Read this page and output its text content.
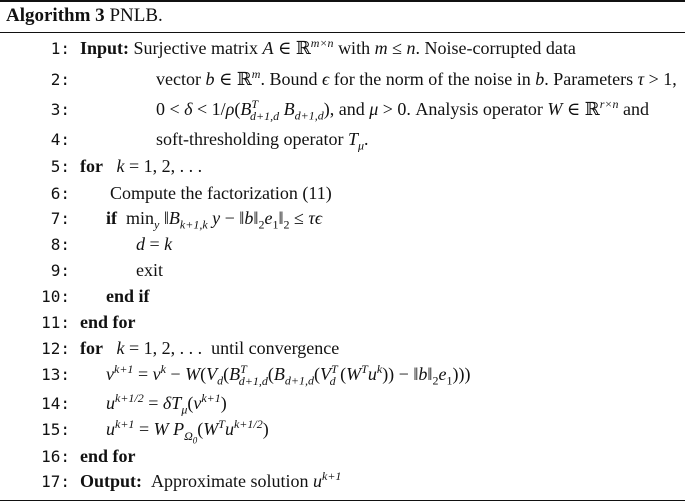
Algorithm 3 PNLB.
1: Input: Surjective matrix A ∈ ℝ$^{m\times n}$ with m ≤ n. Noise-corrupted data
2:	vector b ∈ ℝ$^m$. Bound ϵ for the norm of the noise in b. Parameters τ > 1,
3:	$0 < \delta < 1/\rho(B^T_{d+1,d}$ $B_{d+1,d}$), and μ > 0. Analysis operator W ∈ ℝ$^{r\times n}$ and
4:	soft-thresholding operator $T_\mu$.
5: for k = 1, 2, . . .
6: Compute the factorization (11)
7: if  $\min_y$ $‖B_{k+1,k}$ $y - ‖b‖_2e_1‖_2 \le \tau\epsilon$
8:	d = k
9:	exit
10: end if
11: end for
12: for k = 1, 2, . . .  until convergence
13: $v^{k+1} = v^k - W(V_d(B^T_{d+1,d}(B_{d+1,d}(V^T_d$ $(W^Tu^k)$) − $‖b‖_2e_1$)))
14: $u^{k+1/2} = \delta T_\mu(v^{k+1})$
15: $u^{k+1} = W$ $P_{\Omega_0}(W^Tu^{k+1/2})$
16: end for
17: Output:  Approximate solution $u^{k+1}$
